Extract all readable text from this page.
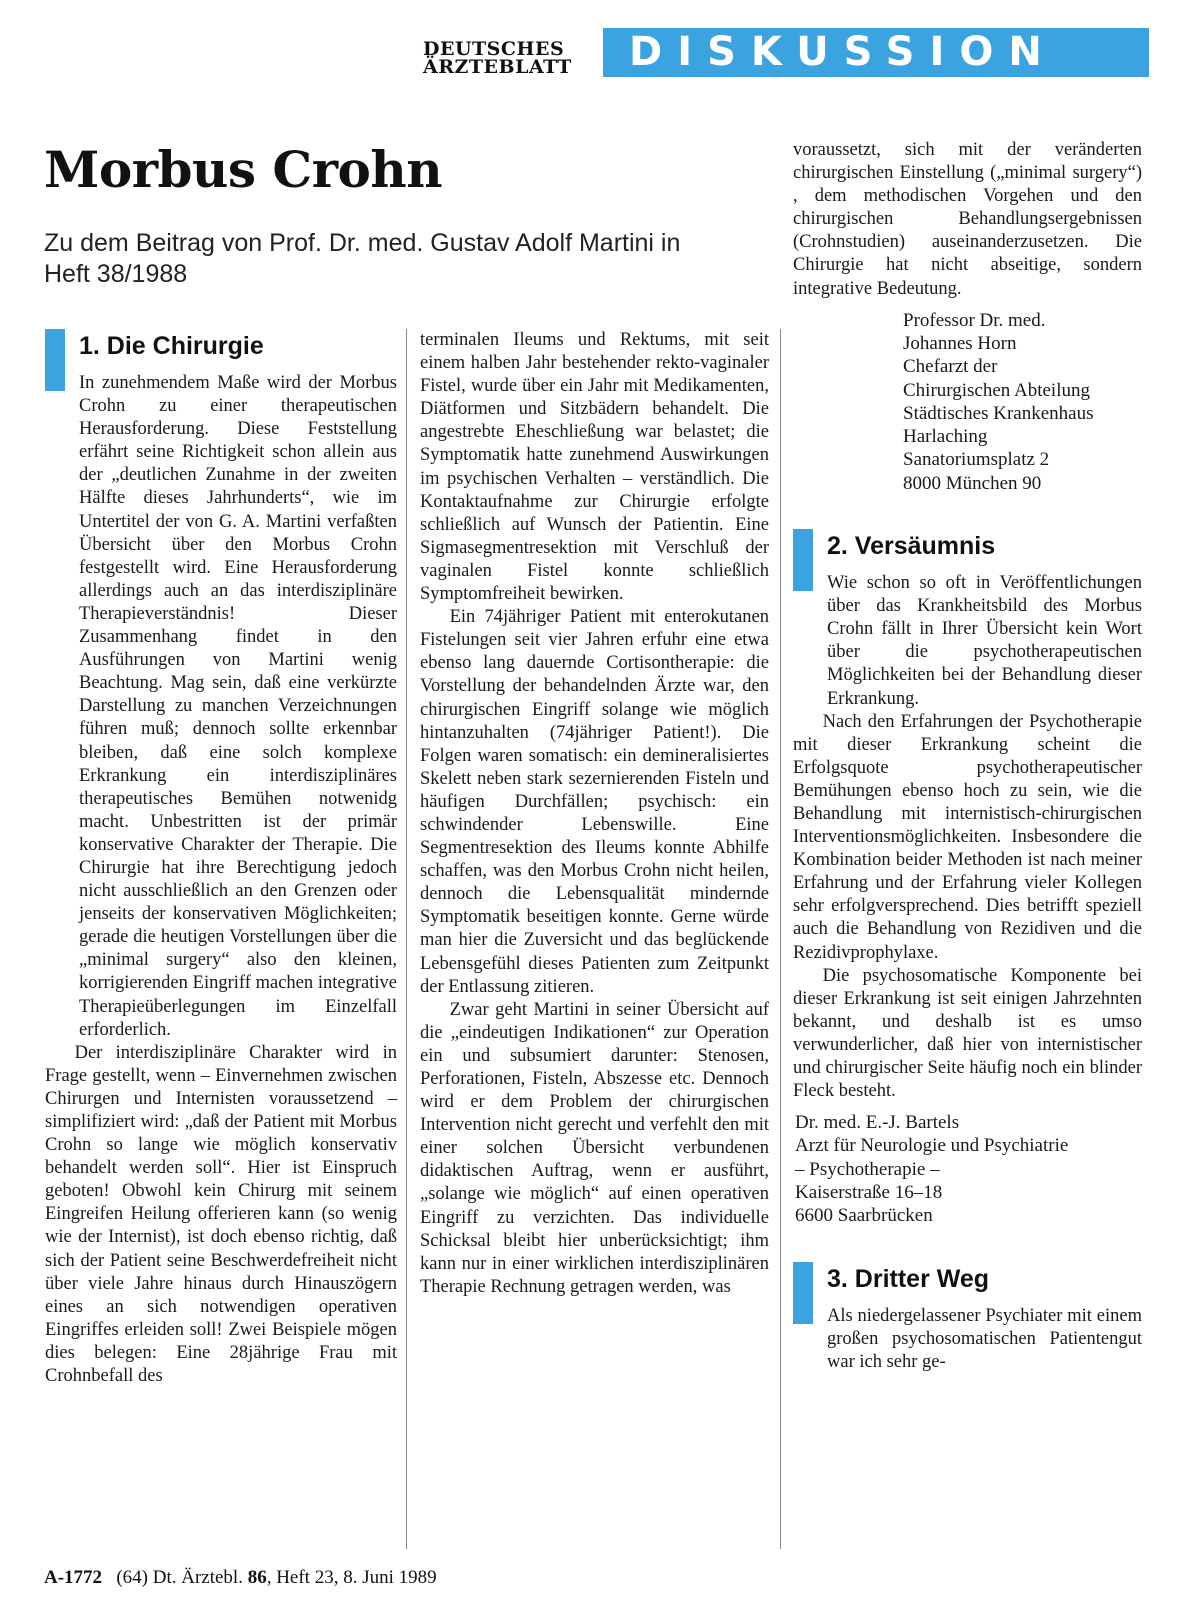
DEUTSCHES
ÄRZTEBLATT	DISKUSSION
Morbus Crohn

Zu dem Beitrag von Prof. Dr. med. Gustav Adolf Martini in Heft 38/1988

1. Die Chirurgie

In zunehmendem Maße wird der Morbus Crohn zu einer therapeutischen Herausforderung. Diese Feststellung erfährt seine Richtigkeit schon allein aus der „deutlichen Zunahme in der zweiten Hälfte dieses Jahrhunderts“, wie im Untertitel der von G. A. Martini verfaßten Übersicht über den Morbus Crohn festgestellt wird. Eine Herausforderung allerdings auch an das interdisziplinäre Therapieverständnis! Dieser Zusammenhang findet in den Ausführungen von Martini wenig Beachtung. Mag sein, daß eine verkürzte Darstellung zu manchen Verzeichnungen führen muß; dennoch sollte erkennbar bleiben, daß eine solch komplexe Erkrankung ein interdisziplinäres therapeutisches Bemühen notwenidg macht. Unbestritten ist der primär konservative Charakter der Therapie. Die Chirurgie hat ihre Berechtigung jedoch nicht ausschließlich an den Grenzen oder jenseits der konservativen Möglichkeiten; gerade die heutigen Vorstellungen über die „minimal surgery“ also den kleinen, korrigierenden Eingriff machen integrative Therapieüberlegungen im Einzelfall erforderlich.

Der interdisziplinäre Charakter wird in Frage gestellt, wenn – Einvernehmen zwischen Chirurgen und Internisten voraussetzend – simplifiziert wird: „daß der Patient mit Morbus Crohn so lange wie möglich konservativ behandelt werden soll“. Hier ist Einspruch geboten! Obwohl kein Chirurg mit seinem Eingreifen Heilung offerieren kann (so wenig wie der Internist), ist doch ebenso richtig, daß sich der Patient seine Beschwerdefreiheit nicht über viele Jahre hinaus durch Hinauszögern eines an sich notwendigen operativen Eingriffes erleiden soll! Zwei Beispiele mögen dies belegen: Eine 28jährige Frau mit Crohnbefall des

terminalen Ileums und Rektums, mit seit einem halben Jahr bestehender rekto-vaginaler Fistel, wurde über ein Jahr mit Medikamenten, Diätformen und Sitzbädern behandelt. Die angestrebte Eheschließung war belastet; die Symptomatik hatte zunehmend Auswirkungen im psychischen Verhalten – verständlich. Die Kontaktaufnahme zur Chirurgie erfolgte schließlich auf Wunsch der Patientin. Eine Sigmasegmentresektion mit Verschluß der vaginalen Fistel konnte schließlich Symptomfreiheit bewirken.

Ein 74jähriger Patient mit enterokutanen Fistelungen seit vier Jahren erfuhr eine etwa ebenso lang dauernde Cortisontherapie: die Vorstellung der behandelnden Ärzte war, den chirurgischen Eingriff solange wie möglich hintanzuhalten (74jähriger Patient!). Die Folgen waren somatisch: ein demineralisiertes Skelett neben stark sezernierenden Fisteln und häufigen Durchfällen; psychisch: ein schwindender Lebenswille. Eine Segmentresektion des Ileums konnte Abhilfe schaffen, was den Morbus Crohn nicht heilen, dennoch die Lebensqualität mindernde Symptomatik beseitigen konnte. Gerne würde man hier die Zuversicht und das beglückende Lebensgefühl dieses Patienten zum Zeitpunkt der Entlassung zitieren.

Zwar geht Martini in seiner Übersicht auf die „eindeutigen Indikationen“ zur Operation ein und subsumiert darunter: Stenosen, Perforationen, Fisteln, Abszesse etc. Dennoch wird er dem Problem der chirurgischen Intervention nicht gerecht und verfehlt den mit einer solchen Übersicht verbundenen didaktischen Auftrag, wenn er ausführt, „solange wie möglich“ auf einen operativen Eingriff zu verzichten. Das individuelle Schicksal bleibt hier unberücksichtigt; ihm kann nur in einer wirklichen interdisziplinären Therapie Rechnung getragen werden, was

voraussetzt, sich mit der veränderten chirurgischen Einstellung („minimal surgery“) , dem methodischen Vorgehen und den chirurgischen Behandlungsergebnissen (Crohnstudien) auseinanderzusetzen. Die Chirurgie hat nicht abseitige, sondern integrative Bedeutung.

Professor Dr. med.
Johannes Horn
Chefarzt der
Chirurgischen Abteilung
Städtisches Krankenhaus
Harlaching
Sanatoriumsplatz 2
8000 München 90
2. Versäumnis

Wie schon so oft in Veröffentlichungen über das Krankheitsbild des Morbus Crohn fällt in Ihrer Übersicht kein Wort über die psychotherapeutischen Möglichkeiten bei der Behandlung dieser Erkrankung.

Nach den Erfahrungen der Psychotherapie mit dieser Erkrankung scheint die Erfolgsquote psychotherapeutischer Bemühungen ebenso hoch zu sein, wie die Behandlung mit internistisch-chirurgischen Interventionsmöglichkeiten. Insbesondere die Kombination beider Methoden ist nach meiner Erfahrung und der Erfahrung vieler Kollegen sehr erfolgversprechend. Dies betrifft speziell auch die Behandlung von Rezidiven und die Rezidivprophylaxe.

Die psychosomatische Komponente bei dieser Erkrankung ist seit einigen Jahrzehnten bekannt, und deshalb ist es umso verwunderlicher, daß hier von internistischer und chirurgischer Seite häufig noch ein blinder Fleck besteht.

Dr. med. E.-J. Bartels
Arzt für Neurologie und Psychiatrie
– Psychotherapie –
Kaiserstraße 16–18
6600 Saarbrücken
3. Dritter Weg

Als niedergelassener Psychiater mit einem großen psychosomatischen Patientengut war ich sehr ge-

A-1772 (64) Dt. Ärztebl. 86, Heft 23, 8. Juni 1989
